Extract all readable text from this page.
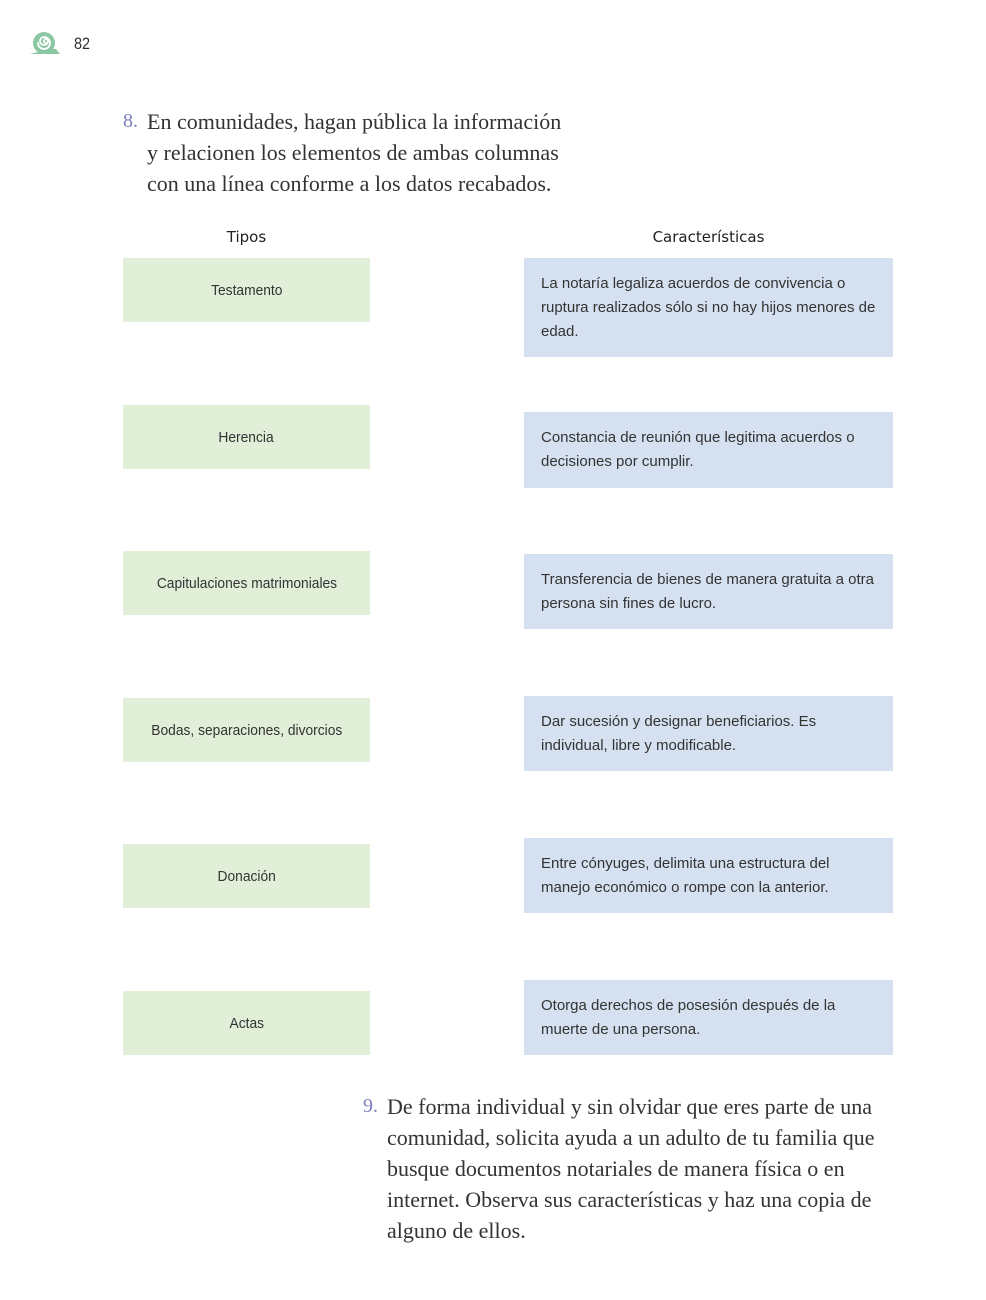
82
8. En comunidades, hagan pública la información
y relacionen los elementos de ambas columnas
con una línea conforme a los datos recabados.
Tipos	Características
Testamento
Herencia
Capitulaciones matrimoniales
Bodas, separaciones, divorcios
Donación
Actas
La notaría legaliza acuerdos de convivencia o ruptura realizados sólo si no hay hijos menores de edad.
Constancia de reunión que legitima acuerdos o decisiones por cumplir.
Transferencia de bienes de manera gratuita a otra persona sin fines de lucro.
Dar sucesión y designar beneficiarios. Es individual, libre y modificable.
Entre cónyuges, delimita una estructura del manejo económico o rompe con la anterior.
Otorga derechos de posesión después de la muerte de una persona.
9. De forma individual y sin olvidar que eres parte de una
comunidad, solicita ayuda a un adulto de tu familia que
busque documentos notariales de manera física o en
internet. Observa sus características y haz una copia de
alguno de ellos.
